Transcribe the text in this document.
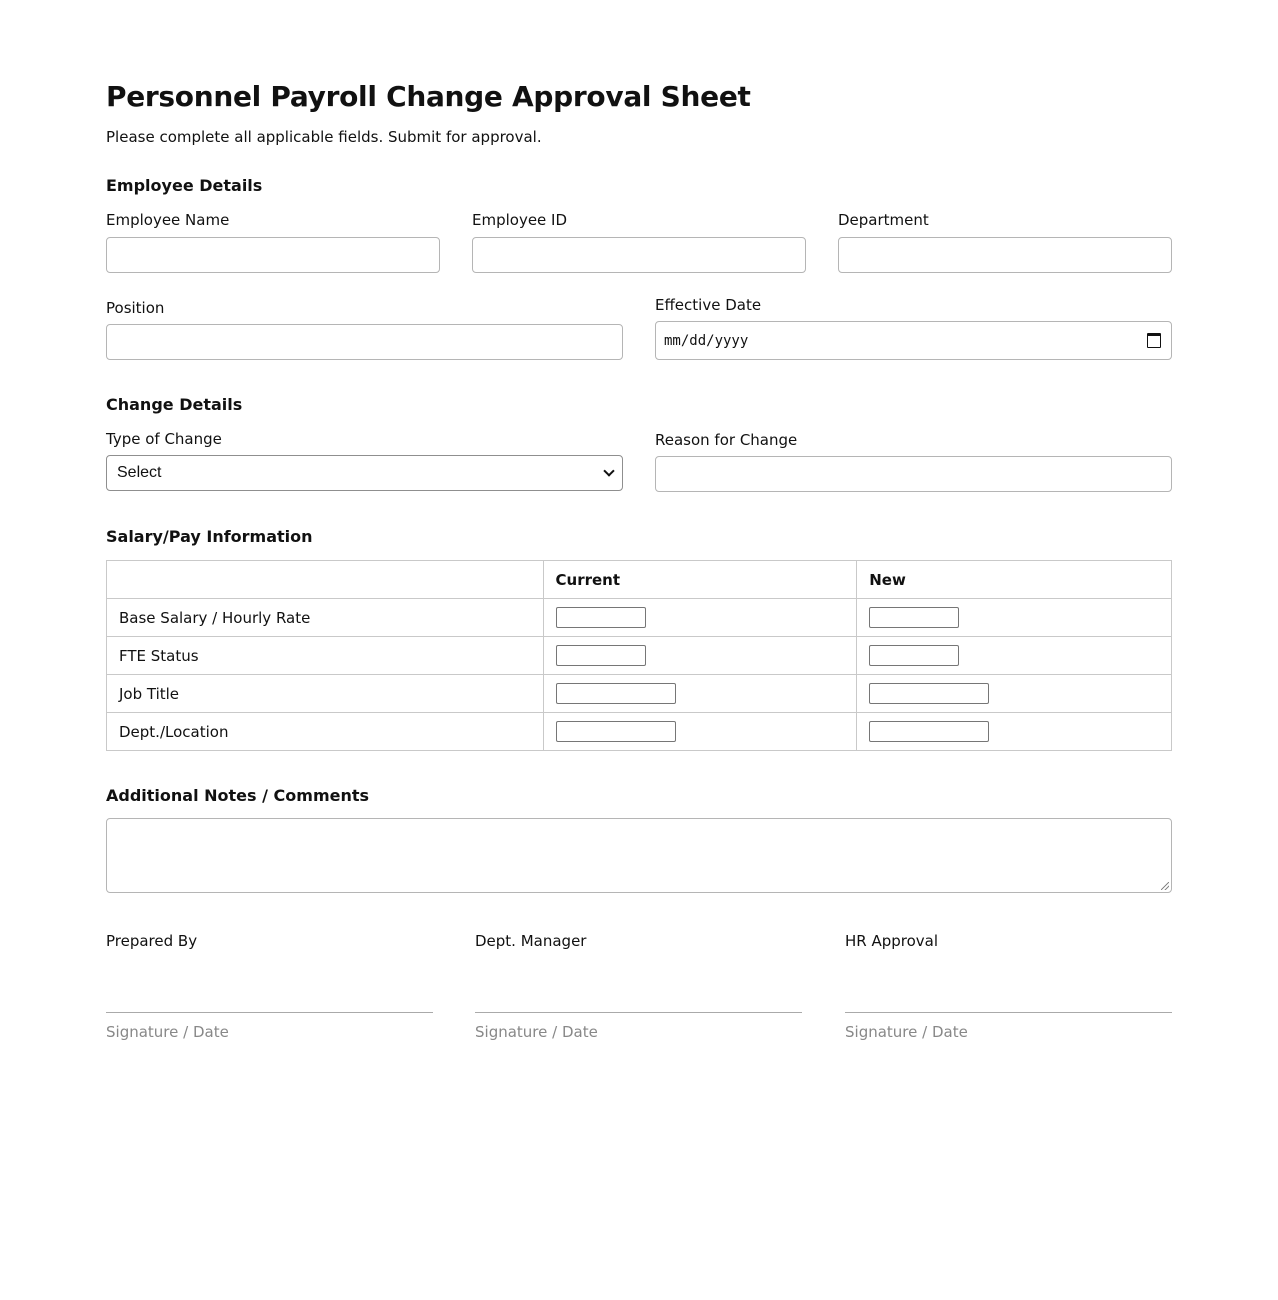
Personnel Payroll Change Approval Sheet
Please complete all applicable fields. Submit for approval.
Employee Details
Employee Name	Employee ID	Department
Position	Effective Date
mm/dd/yyyy
Change Details
Type of Change
Select
Reason for Change
Salary/Pay Information
	Current	New
Base Salary / Hourly Rate		
FTE Status		
Job Title		
Dept./Location		
Additional Notes / Comments
Prepared By
Signature / Date
Dept. Manager
Signature / Date
HR Approval
Signature / Date
